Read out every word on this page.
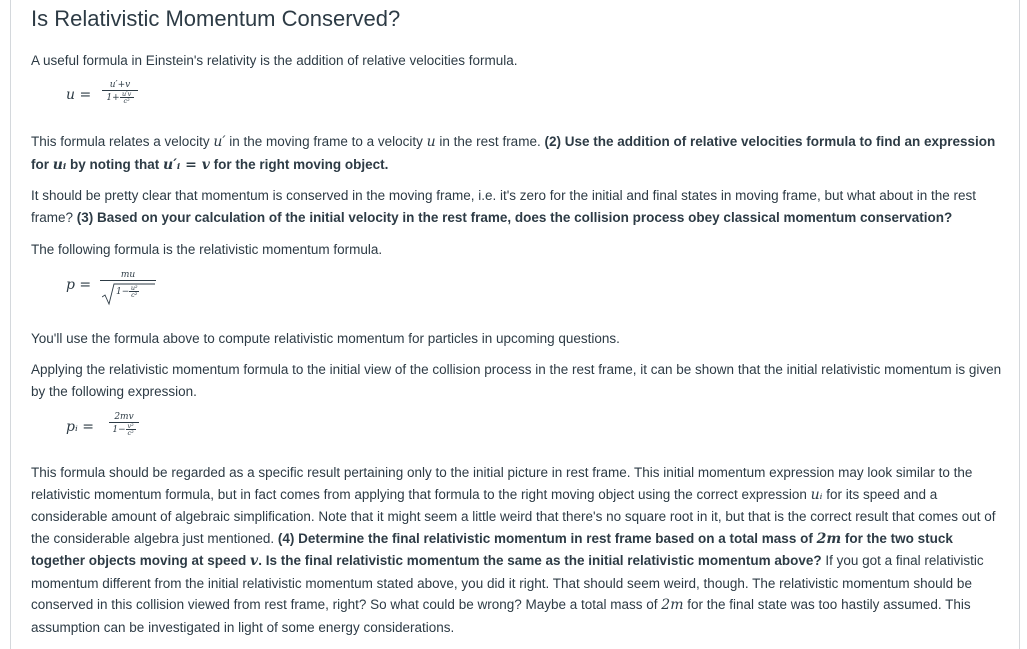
Is Relativistic Momentum Conserved?

A useful formula in Einstein's relativity is the addition of relative velocities formula.

u =
u′+v
$1+ \frac{u'v}{\text{c²}}$

This formula relates a velocity u′ in the moving frame to a velocity u in the rest frame. (2) Use the addition of relative velocities formula to find an expression for uᵢ by noting that u′ᵢ = v for the right moving object.

It should be pretty clear that momentum is conserved in the moving frame, i.e. it's zero for the initial and final states in moving frame, but what about in the rest frame? (3) Based on your calculation of the initial velocity in the rest frame, does the collision process obey classical momentum conservation?

The following formula is the relativistic momentum formula.

p =
mu
$1- \frac{\text{u²}}{\text{c²}}$

You'll use the formula above to compute relativistic momentum for particles in upcoming questions.

Applying the relativistic momentum formula to the initial view of the collision process in the rest frame, it can be shown that the initial relativistic momentum is given by the following expression.

pᵢ =
2mv
$1- \frac{\text{v²}}{\text{c²}}$

This formula should be regarded as a specific result pertaining only to the initial picture in rest frame. This initial momentum expression may look similar to the relativistic momentum formula, but in fact comes from applying that formula to the right moving object using the correct expression uᵢ for its speed and a considerable amount of algebraic simplification. Note that it might seem a little weird that there's no square root in it, but that is the correct result that comes out of the considerable algebra just mentioned. (4) Determine the final relativistic momentum in rest frame based on a total mass of 2m for the two stuck together objects moving at speed v. Is the final relativistic momentum the same as the initial relativistic momentum above? If you got a final relativistic momentum different from the initial relativistic momentum stated above, you did it right. That should seem weird, though. The relativistic momentum should be conserved in this collision viewed from rest frame, right? So what could be wrong? Maybe a total mass of 2m for the final state was too hastily assumed. This assumption can be investigated in light of some energy considerations.
